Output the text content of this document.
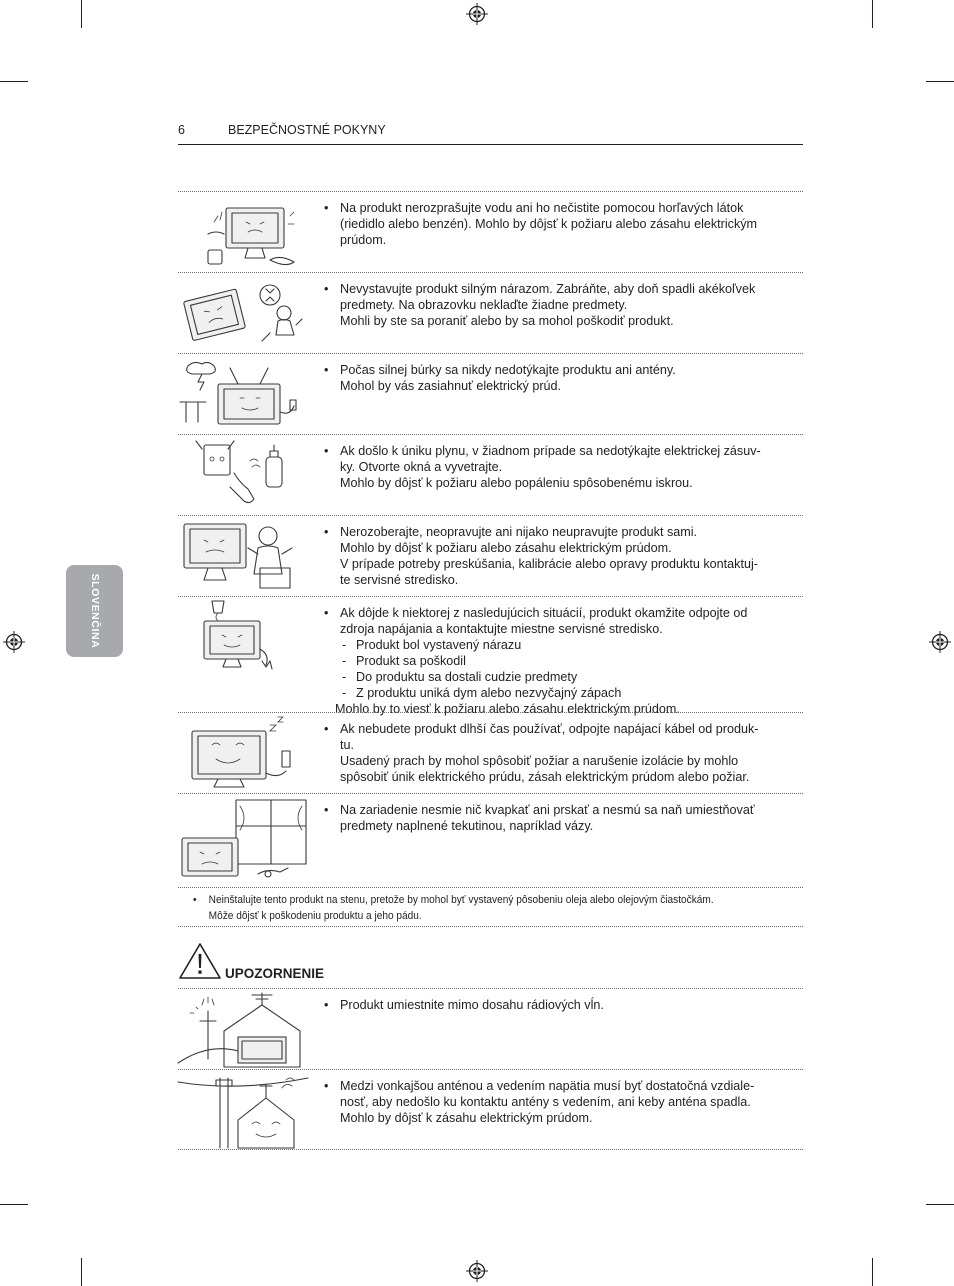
6	BEZPEČNOSTNÉ POKYNY
SLOVENČINA

• Na produkt nerozprašujte vodu ani ho nečistite pomocou horľavých látok

(riedidlo alebo benzén). Mohlo by dôjsť k požiaru alebo zásahu elektrickým

prúdom.

• Nevystavujte produkt silným nárazom. Zabráňte, aby doň spadli akékoľvek

predmety. Na obrazovku neklaďte žiadne predmety.

Mohli by ste sa poraniť alebo by sa mohol poškodiť produkt.

• Počas silnej búrky sa nikdy nedotýkajte produktu ani antény.

Mohol by vás zasiahnuť elektrický prúd.

• Ak došlo k úniku plynu, v žiadnom prípade sa nedotýkajte elektrickej zásuv-

ky. Otvorte okná a vyvetrajte.

Mohlo by dôjsť k požiaru alebo popáleniu spôsobenému iskrou.

• Nerozoberajte, neopravujte ani nijako neupravujte produkt sami.

Mohlo by dôjsť k požiaru alebo zásahu elektrickým prúdom.

V prípade potreby preskúšania, kalibrácie alebo opravy produktu kontaktuj-

te servisné stredisko.

• Ak dôjde k niektorej z nasledujúcich situácií, produkt okamžite odpojte od

zdroja napájania a kontaktujte miestne servisné stredisko.

- Produkt bol vystavený nárazu

- Produkt sa poškodil

- Do produktu sa dostali cudzie predmety

- Z produktu uniká dym alebo nezvyčajný zápach

Mohlo by to viesť k požiaru alebo zásahu elektrickým prúdom.

• Ak nebudete produkt dlhší čas používať, odpojte napájací kábel od produk-

tu.

Usadený prach by mohol spôsobiť požiar a narušenie izolácie by mohlo

spôsobiť únik elektrického prúdu, zásah elektrickým prúdom alebo požiar.

• Na zariadenie nesmie nič kvapkať ani prskať a nesmú sa naň umiestňovať

predmety naplnené tekutinou, napríklad vázy.

•	Neinštalujte tento produkt na stenu, pretože by mohol byť vystavený pôsobeniu oleja alebo olejovým čiastočkám.

Môže dôjsť k poškodeniu produktu a jeho pádu.

UPOZORNENIE

• Produkt umiestnite mimo dosahu rádiových vĺn.

• Medzi vonkajšou anténou a vedením napätia musí byť dostatočná vzdiale-

nosť, aby nedošlo ku kontaktu antény s vedením, ani keby anténa spadla.

Mohlo by dôjsť k zásahu elektrickým prúdom.
